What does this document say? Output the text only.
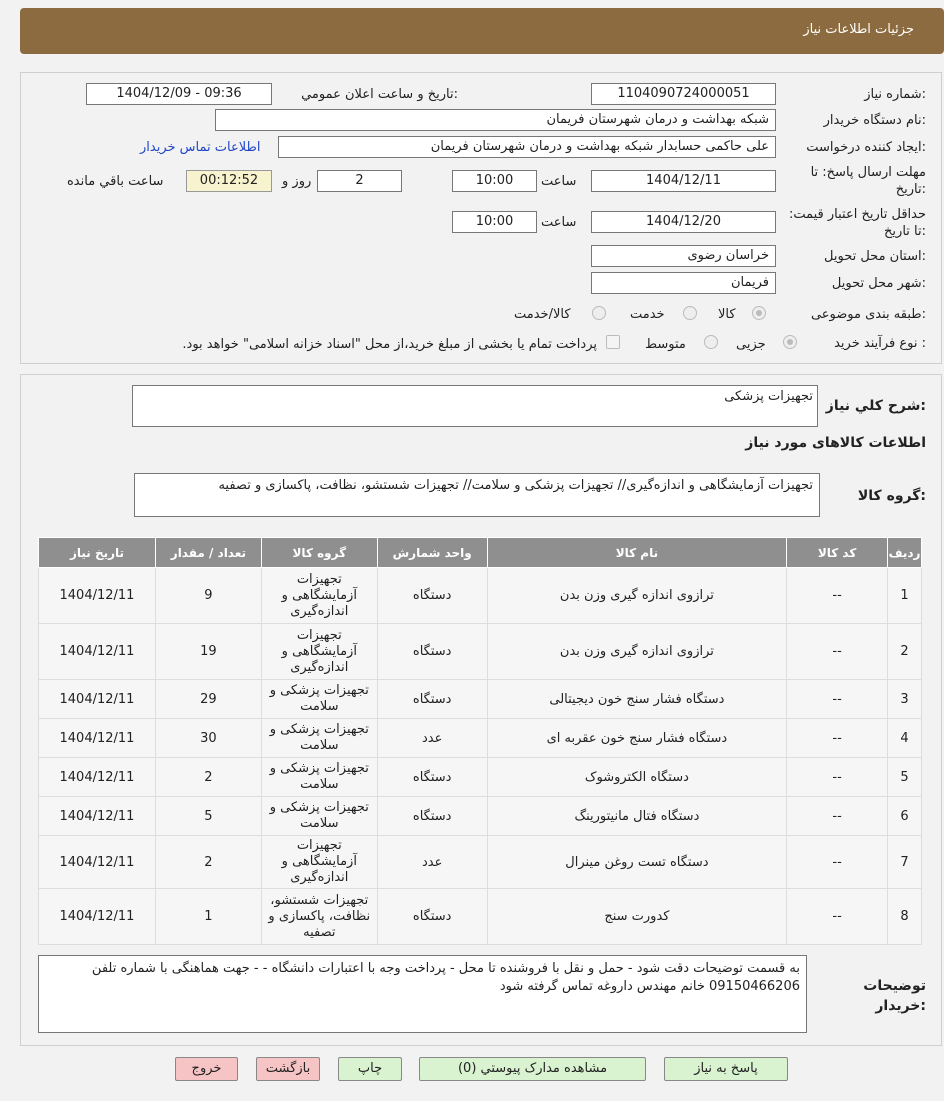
جزئیات اطلاعات نیاز
شماره نیاز:
1104090724000051
تاریخ و ساعت اعلان عمومي:
1404/12/09 - 09:36
نام دستگاه خريدار:
شبکه بهداشت و درمان شهرستان فریمان
ایجاد کننده درخواست:
علی حاکمی حسابدار شبکه بهداشت و درمان شهرستان فریمان
اطلاعات تماس خریدار
مهلت ارسال پاسخ: تا تاریخ:
1404/12/11
ساعت
10:00
2
روز و
00:12:52
ساعت باقي مانده
حداقل تاریخ اعتبار قیمت: تا تاریخ:
1404/12/20
ساعت
10:00
استان محل تحویل:
خراسان رضوی
شهر محل تحویل:
فریمان
طبقه بندی موضوعی:
کالا
خدمت
کالا/خدمت
نوع فرآیند خرید :
جزیی
متوسط
پرداخت تمام یا بخشی از مبلغ خرید،از محل "اسناد خزانه اسلامی" خواهد بود.
شرح کلي نياز:
تجهیزات پزشکی
اطلاعات کالاهای مورد نياز
گروه کالا:
تجهیزات آزمایشگاهی و اندازه‌گیری// تجهیزات پزشکی و سلامت// تجهیزات شستشو، نظافت، پاکسازی و تصفیه
ردیف	کد کالا	نام کالا	واحد شمارش	گروه کالا	تعداد / مقدار	تاریخ نیاز
1	--	ترازوی اندازه گیری وزن بدن	دستگاه	تجهیزات آزمایشگاهی و اندازه‌گیری	9	1404/12/11
2	--	ترازوی اندازه گیری وزن بدن	دستگاه	تجهیزات آزمایشگاهی و اندازه‌گیری	19	1404/12/11
3	--	دستگاه فشار سنج خون دیجیتالی	دستگاه	تجهیزات پزشکی و سلامت	29	1404/12/11
4	--	دستگاه فشار سنج خون عقربه ای	عدد	تجهیزات پزشکی و سلامت	30	1404/12/11
5	--	دستگاه الکتروشوک	دستگاه	تجهیزات پزشکی و سلامت	2	1404/12/11
6	--	دستگاه فتال مانیتورینگ	دستگاه	تجهیزات پزشکی و سلامت	5	1404/12/11
7	--	دستگاه تست روغن مینرال	عدد	تجهیزات آزمایشگاهی و اندازه‌گیری	2	1404/12/11
8	--	کدورت سنج	دستگاه	تجهیزات شستشو، نظافت، پاکسازی و تصفیه	1	1404/12/11
توضیحات خریدار:
به قسمت توضیحات دقت شود - حمل و نقل با فروشنده تا محل - پرداخت وجه با اعتبارات دانشگاه - - جهت هماهنگی با شماره تلفن 09150466206 خانم مهندس داروغه تماس گرفته شود
پاسخ به نیاز
مشاهده مدارک پیوستي (0)
چاپ
بازگشت
خروج
